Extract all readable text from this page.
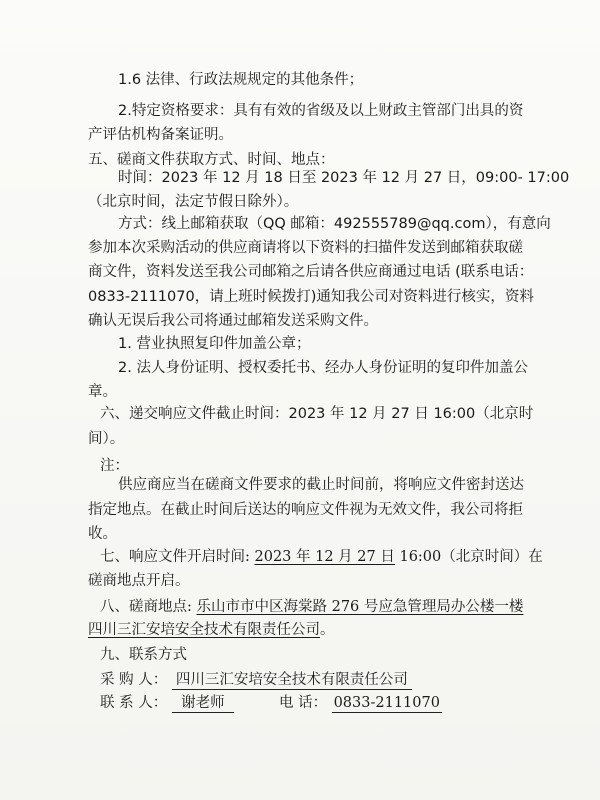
1.6 法律、行政法规规定的其他条件；
2.特定资格要求：具有有效的省级及以上财政主管部门出具的资
产评估机构备案证明。
五、磋商文件获取方式、时间、地点：
时间：2023 年 12 月 18 日至 2023 年 12 月 27 日，09:00- 17:00
（北京时间，法定节假日除外）。
方式：线上邮箱获取（QQ 邮箱：492555789@qq.com），有意向
参加本次采购活动的供应商请将以下资料的扫描件发送到邮箱获取磋
商文件，资料发送至我公司邮箱之后请各供应商通过电话 (联系电话：
0833-2111070，请上班时候拨打)通知我公司对资料进行核实，资料
确认无误后我公司将通过邮箱发送采购文件。
1. 营业执照复印件加盖公章；
2. 法人身份证明、授权委托书、经办人身份证明的复印件加盖公
章。
六、递交响应文件截止时间：2023 年 12 月 27 日 16:00（北京时
间）。
注：
供应商应当在磋商文件要求的截止时间前，将响应文件密封送达
指定地点。在截止时间后送达的响应文件视为无效文件，我公司将拒
收。
七、响应文件开启时间: 2023 年 12 月 27 日 16:00（北京时间）在
磋商地点开启。
八、磋商地点: 乐山市市中区海棠路 276 号应急管理局办公楼一楼
四川三汇安培安全技术有限责任公司。
九、联系方式
采 购 人： 四川三汇安培安全技术有限责任公司
联 系 人： 谢老师	电 话： 0833-2111070
